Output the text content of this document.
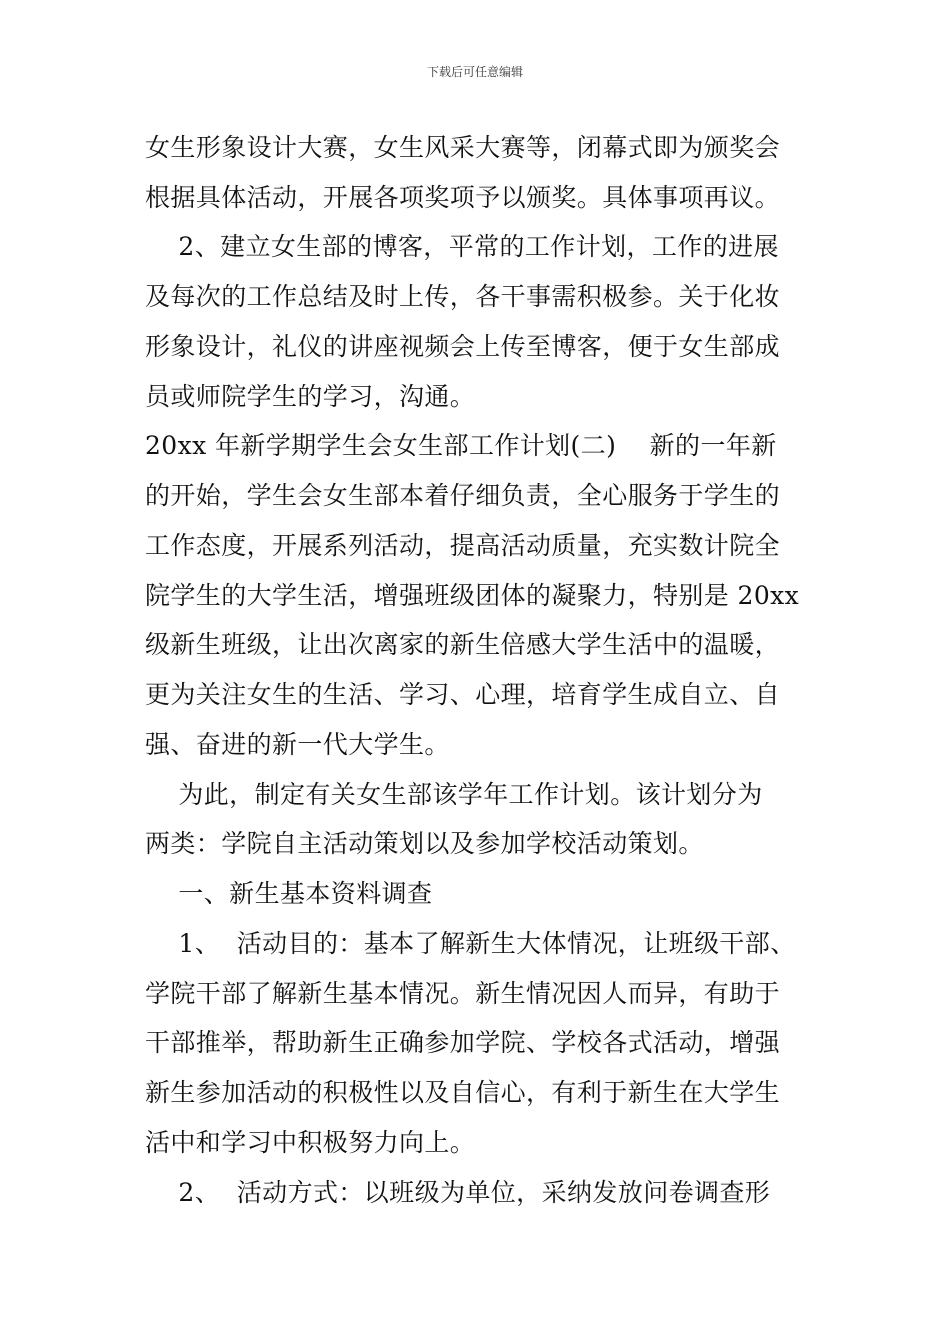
下载后可任意编辑
女生形象设计大赛，女生风采大赛等，闭幕式即为颁奖会
根据具体活动，开展各项奖项予以颁奖。具体事项再议。
2、建立女生部的博客，平常的工作计划，工作的进展
及每次的工作总结及时上传，各干事需积极参。关于化妆
形象设计，礼仪的讲座视频会上传至博客，便于女生部成
员或师院学生的学习，沟通。
20xx 年新学期学生会女生部工作计划(二)    新的一年新
的开始，学生会女生部本着仔细负责，全心服务于学生的
工作态度，开展系列活动，提高活动质量，充实数计院全
院学生的大学生活，增强班级团体的凝聚力，特别是 20xx
级新生班级，让出次离家的新生倍感大学生活中的温暖，
更为关注女生的生活、学习、心理，培育学生成自立、自
强、奋进的新一代大学生。
为此，制定有关女生部该学年工作计划。该计划分为
两类：学院自主活动策划以及参加学校活动策划。
一、新生基本资料调查
1、  活动目的：基本了解新生大体情况，让班级干部、
学院干部了解新生基本情况。新生情况因人而异，有助于
干部推举，帮助新生正确参加学院、学校各式活动，增强
新生参加活动的积极性以及自信心，有利于新生在大学生
活中和学习中积极努力向上。
2、  活动方式：以班级为单位，采纳发放问卷调查形
